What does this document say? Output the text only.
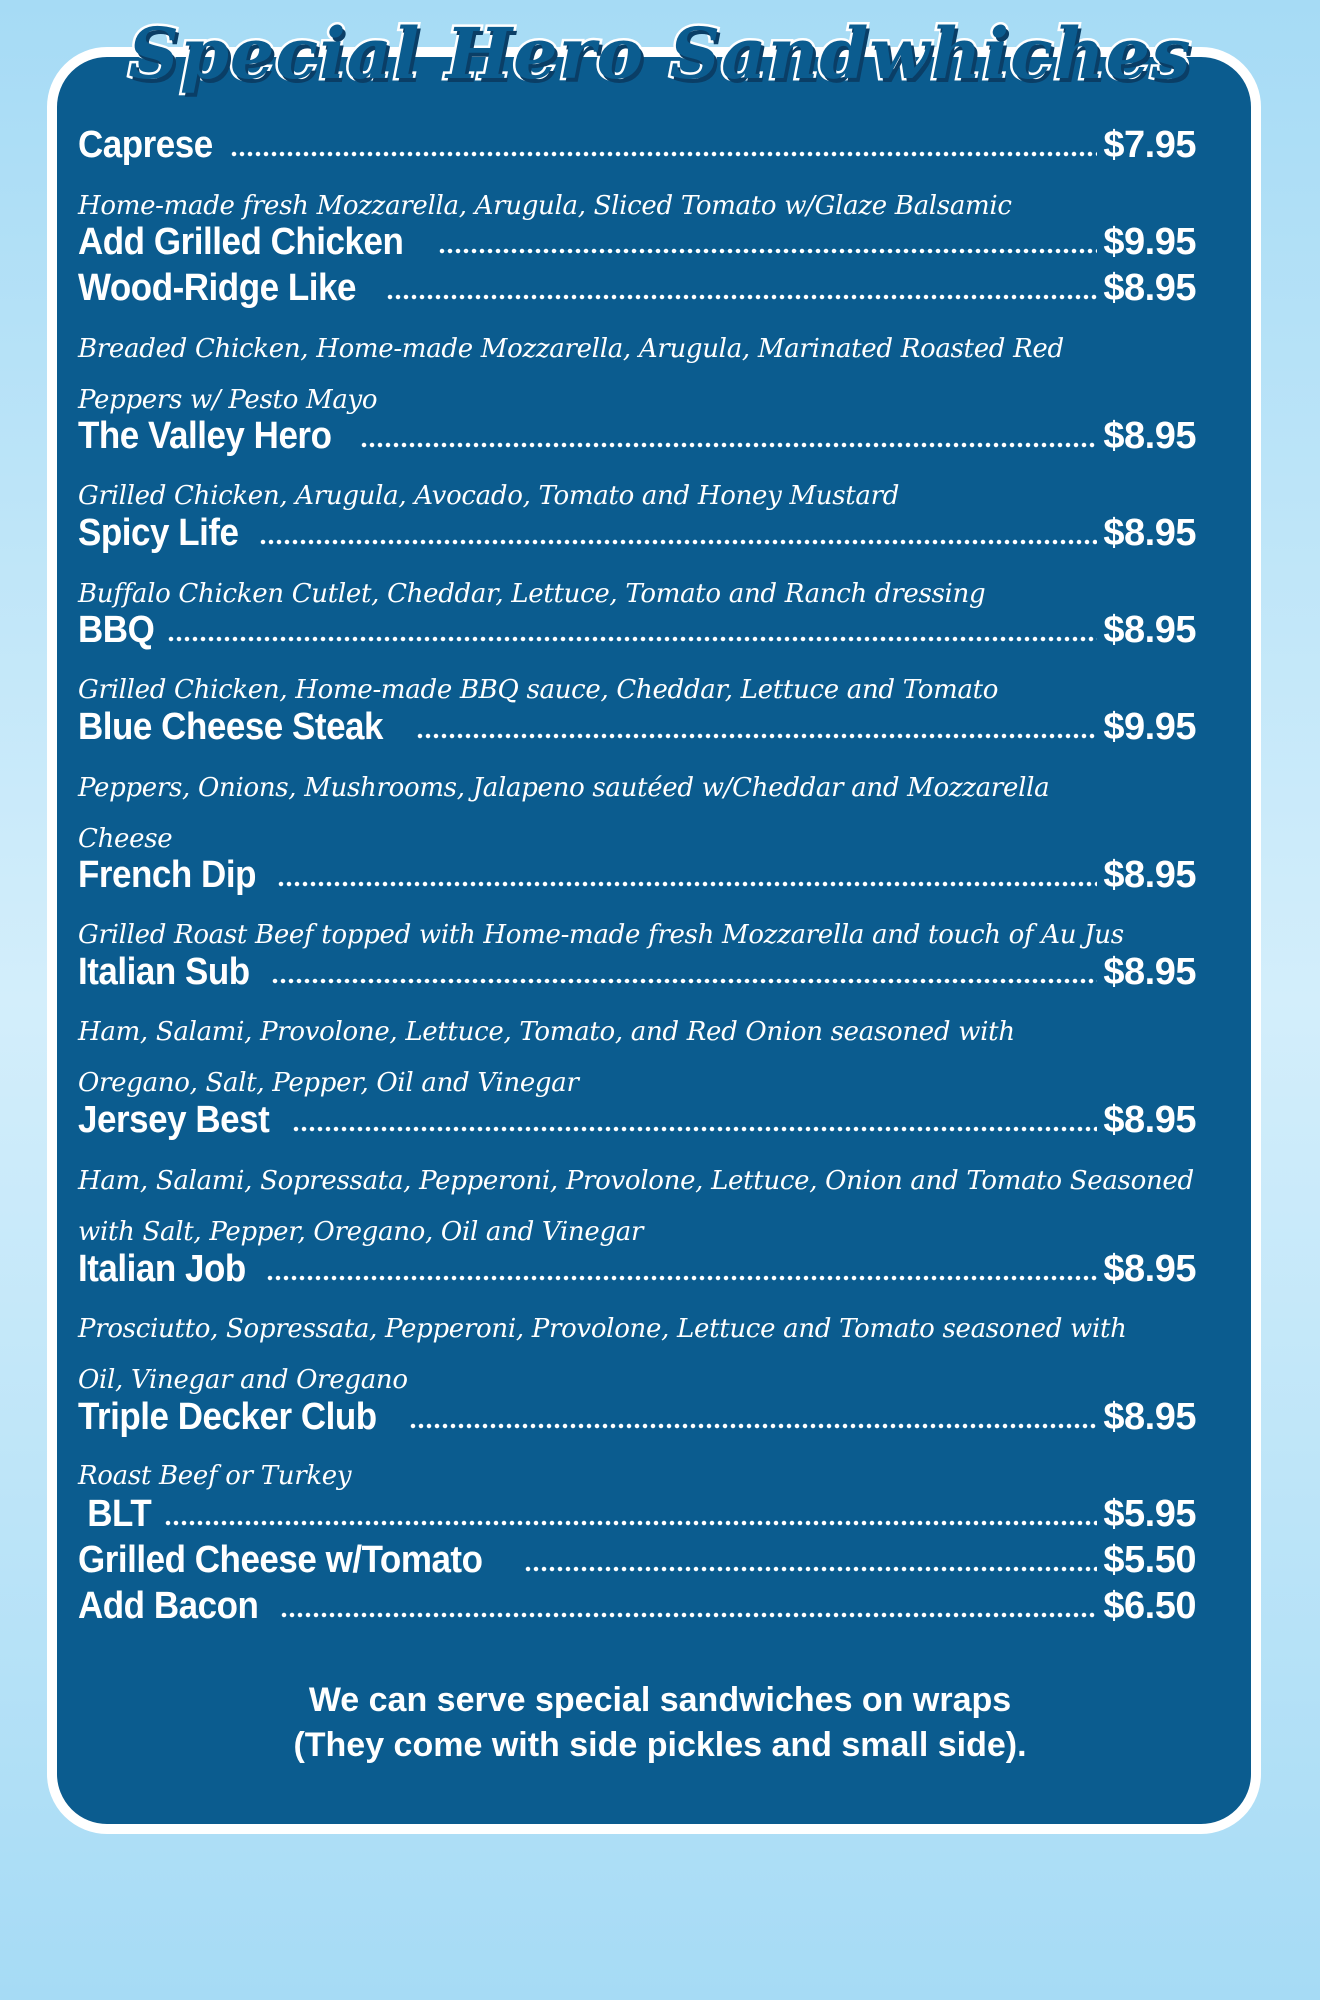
Special Hero Sandwhiches
Caprese	$7.95
Home-made fresh Mozzarella, Arugula, Sliced Tomato w/Glaze Balsamic
Add Grilled Chicken	$9.95
Wood-Ridge Like	$8.95
Breaded Chicken, Home-made Mozzarella, Arugula, Marinated Roasted Red
Peppers w/ Pesto Mayo
The Valley Hero	$8.95
Grilled Chicken, Arugula, Avocado, Tomato and Honey Mustard
Spicy Life	$8.95
Buffalo Chicken Cutlet, Cheddar, Lettuce, Tomato and Ranch dressing
BBQ	$8.95
Grilled Chicken, Home-made BBQ sauce, Cheddar, Lettuce and Tomato
Blue Cheese Steak	$9.95
Peppers, Onions, Mushrooms, Jalapeno sautéed w/Cheddar and Mozzarella
Cheese
French Dip	$8.95
Grilled Roast Beef topped with Home-made fresh Mozzarella and touch of Au Jus
Italian Sub	$8.95
Ham, Salami, Provolone, Lettuce, Tomato, and Red Onion seasoned with
Oregano, Salt, Pepper, Oil and Vinegar
Jersey Best	$8.95
Ham, Salami, Sopressata, Pepperoni, Provolone, Lettuce, Onion and Tomato Seasoned
with Salt, Pepper, Oregano, Oil and Vinegar
Italian Job	$8.95
Prosciutto, Sopressata, Pepperoni, Provolone, Lettuce and Tomato seasoned with
Oil, Vinegar and Oregano
Triple Decker Club	$8.95
Roast Beef or Turkey
BLT	$5.95
Grilled Cheese w/Tomato	$5.50
Add Bacon	$6.50
We can serve special sandwiches on wraps
(They come with side pickles and small side).
